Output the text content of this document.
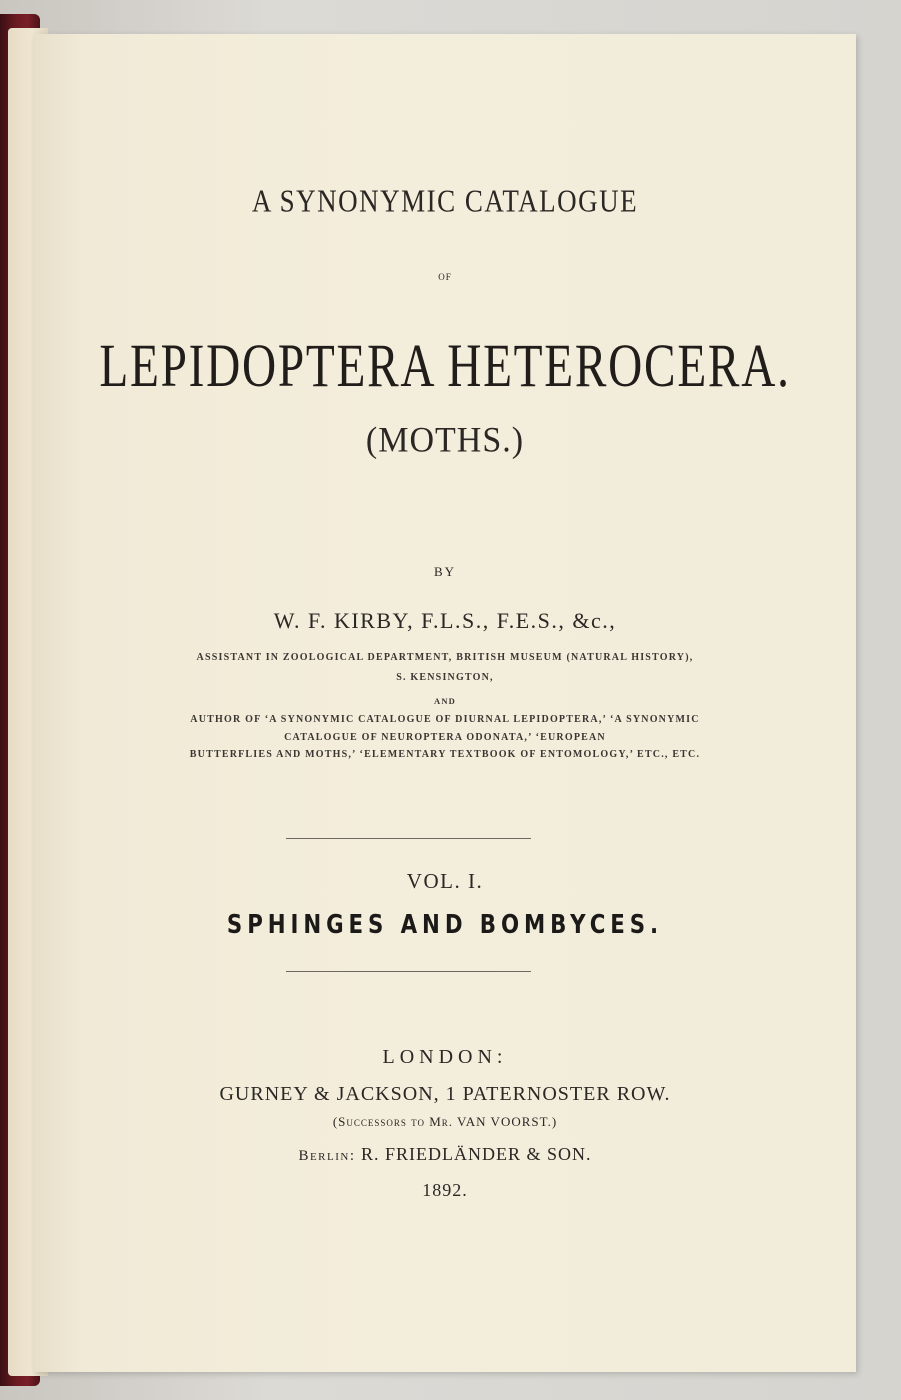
A SYNONYMIC CATALOGUE
OF
LEPIDOPTERA HETEROCERA.
(MOTHS.)
BY
W. F. KIRBY, F.L.S., F.E.S., &c.,
ASSISTANT IN ZOOLOGICAL DEPARTMENT, BRITISH MUSEUM (NATURAL HISTORY),
S. KENSINGTON,
AND
AUTHOR OF ‘A SYNONYMIC CATALOGUE OF DIURNAL LEPIDOPTERA,’ ‘A SYNONYMIC
CATALOGUE OF NEUROPTERA ODONATA,’ ‘EUROPEAN
BUTTERFLIES AND MOTHS,’ ‘ELEMENTARY TEXTBOOK OF ENTOMOLOGY,’ ETC., ETC.
VOL. I.
SPHINGES AND BOMBYCES.
LONDON:
GURNEY & JACKSON, 1 PATERNOSTER ROW.
(Successors to Mr. VAN VOORST.)
Berlin: R. FRIEDLÄNDER & SON.
1892.
